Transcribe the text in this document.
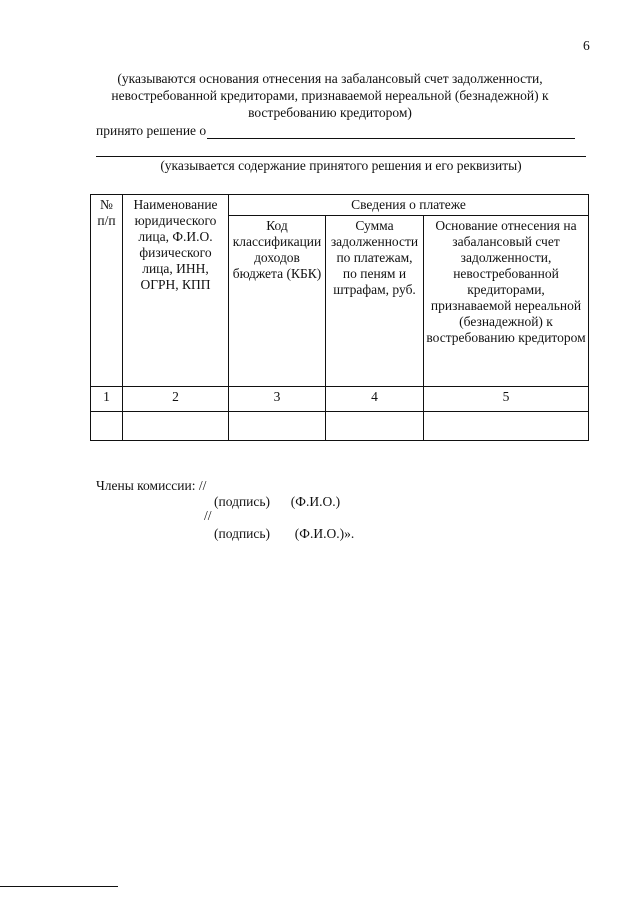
6
(указываются основания отнесения на забалансовый счет задолженности, невостребованной кредиторами, признаваемой нереальной (безнадежной) к востребованию кредитором)
принято решение о
(указывается содержание принятого решения и его реквизиты)
№ п/п	Наименование юридического лица, Ф.И.О. физического лица, ИНН, ОГРН, КПП	Сведения о платеже		
		Код классификации доходов бюджета (КБК)	Сумма задолженности по платежам, по пеням и штрафам, руб.	Основание отнесения на забалансовый счет задолженности, невостребованной кредиторами, признаваемой нереальной (безнадежной) к востребованию кредитором
1	2	3	4	5

Члены комиссии: //
(подпись) (Ф.И.О.)
//
(подпись) (Ф.И.О.)».
